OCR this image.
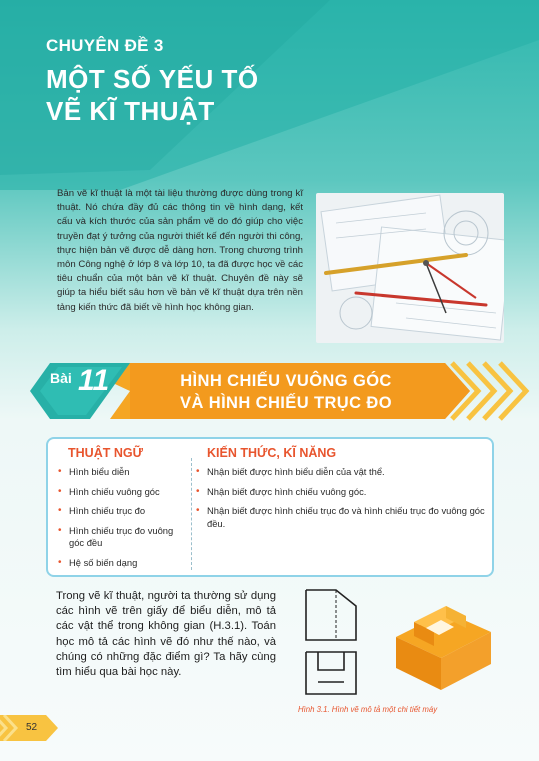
CHUYÊN ĐỀ 3
MỘT SỐ YẾU TỐ
VẼ KĨ THUẬT
Bản vẽ kĩ thuật là một tài liệu thường được dùng trong kĩ thuật. Nó chứa đầy đủ các thông tin về hình dạng, kết cấu và kích thước của sản phẩm vẽ do đó giúp cho việc truyền đạt ý tưởng của người thiết kế đến người thi công, thực hiện bản vẽ được dễ dàng hơn. Trong chương trình môn Công nghệ ở lớp 8 và lớp 10, ta đã được học về các tiêu chuẩn của một bản vẽ kĩ thuật. Chuyên đề này sẽ giúp ta hiểu biết sâu hơn về bản vẽ kĩ thuật dựa trên nền tảng kiến thức đã biết về hình học không gian.
Bài 11	HÌNH CHIẾU VUÔNG GÓC
VÀ HÌNH CHIẾU TRỤC ĐO
THUẬT NGỮ	KIẾN THỨC, KĨ NĂNG
• Hình biểu diễn
• Hình chiếu vuông góc
• Hình chiếu trục đo
• Hình chiếu trục đo vuông góc đều
• Hệ số biến dạng
• Nhận biết được hình biểu diễn của vật thể.
• Nhận biết được hình chiếu vuông góc.
• Nhận biết được hình chiếu trục đo và hình chiếu trục đo vuông góc đều.
Trong vẽ kĩ thuật, người ta thường sử dụng các hình vẽ trên giấy để biểu diễn, mô tả các vật thể trong không gian (H.3.1). Toán học mô tả các hình vẽ đó như thế nào, và chúng có những đặc điểm gì? Ta hãy cùng tìm hiểu qua bài học này.
Hình 3.1. Hình vẽ mô tả một chi tiết máy
52
